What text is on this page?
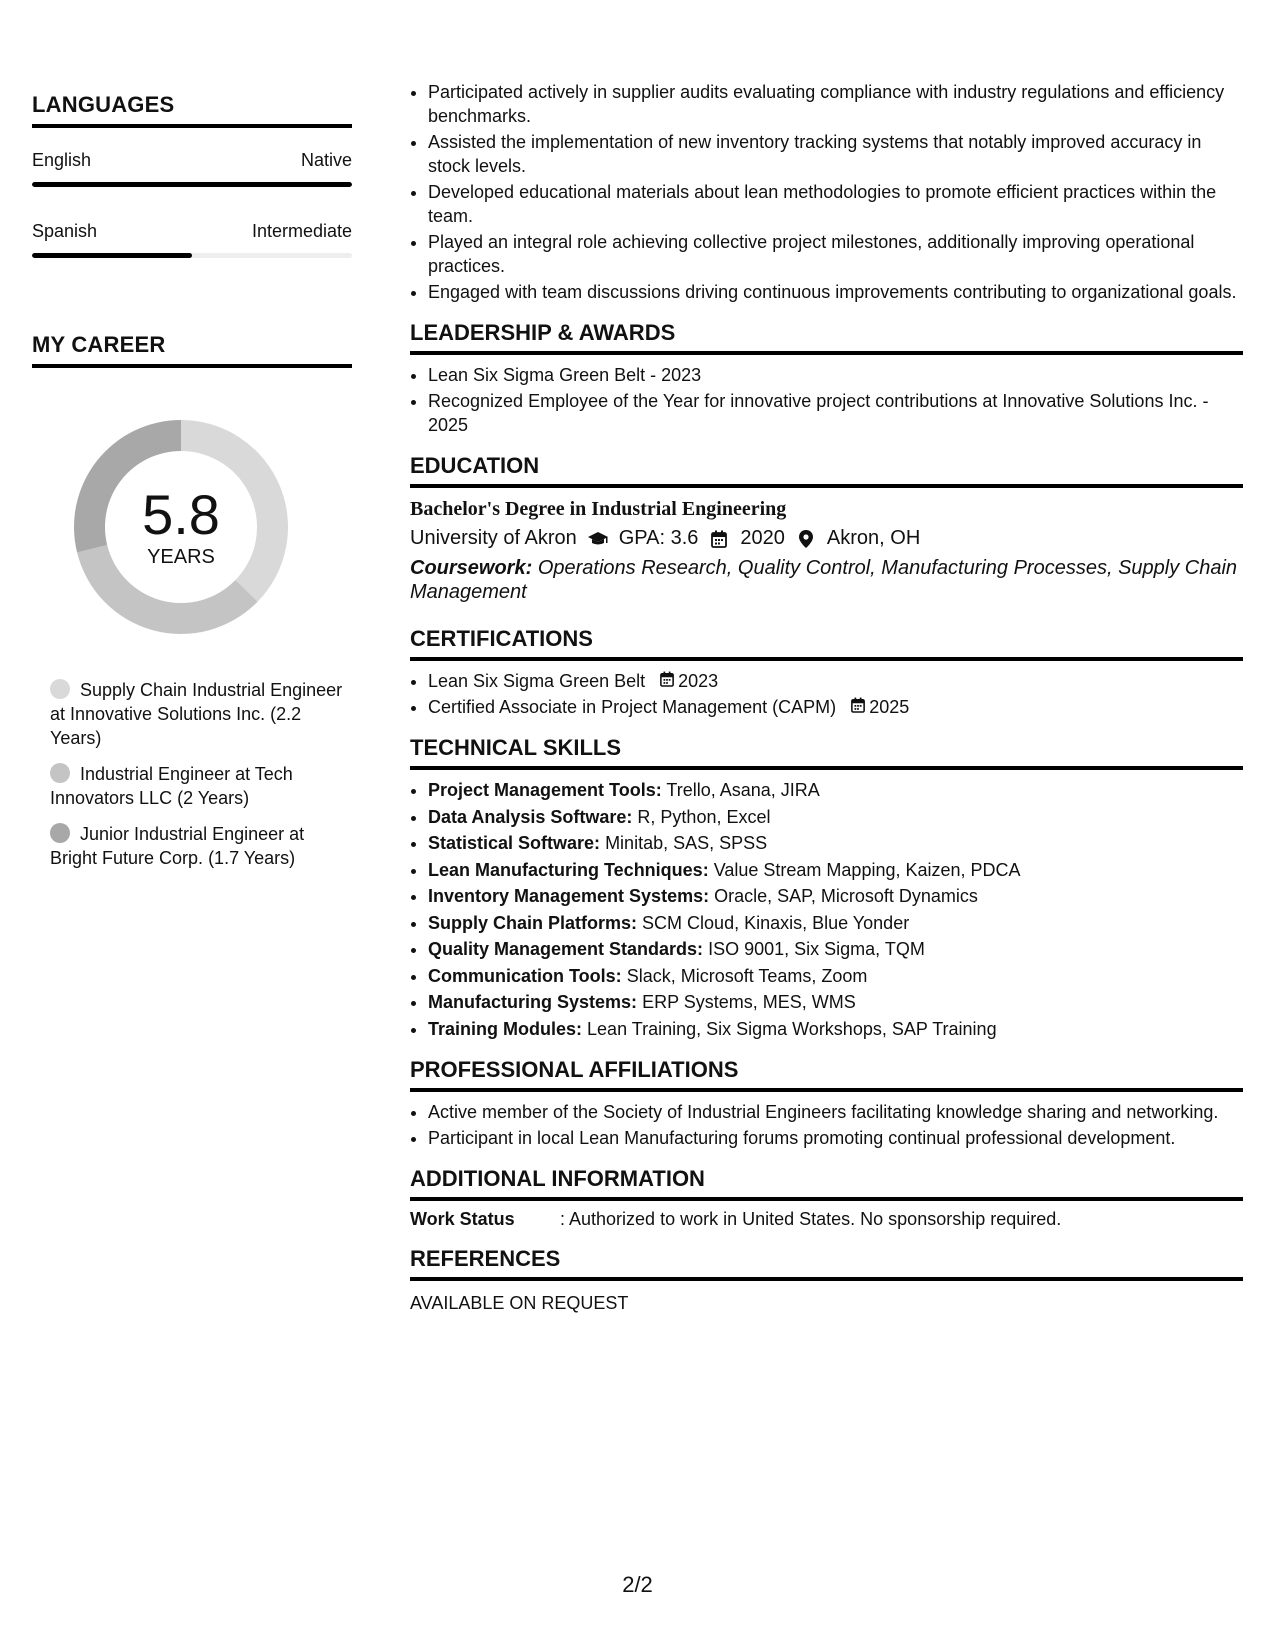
LANGUAGES
English	Native
Spanish	Intermediate
MY CAREER
5.8
YEARS
Supply Chain Industrial Engineer at Innovative Solutions Inc. (2.2 Years)
Industrial Engineer at Tech Innovators LLC (2 Years)
Junior Industrial Engineer at Bright Future Corp. (1.7 Years)
• Participated actively in supplier audits evaluating compliance with industry regulations and efficiency benchmarks.
• Assisted the implementation of new inventory tracking systems that notably improved accuracy in stock levels.
• Developed educational materials about lean methodologies to promote efficient practices within the team.
• Played an integral role achieving collective project milestones, additionally improving operational practices.
• Engaged with team discussions driving continuous improvements contributing to organizational goals.
LEADERSHIP & AWARDS
• Lean Six Sigma Green Belt - 2023
• Recognized Employee of the Year for innovative project contributions at Innovative Solutions Inc. - 2025
EDUCATION
Bachelor's Degree in Industrial Engineering
University of Akron GPA: 3.6 2020 Akron, OH
Coursework: Operations Research, Quality Control, Manufacturing Processes, Supply Chain Management
CERTIFICATIONS
• Lean Six Sigma Green Belt 2023
• Certified Associate in Project Management (CAPM) 2025
TECHNICAL SKILLS
• Project Management Tools: Trello, Asana, JIRA
• Data Analysis Software: R, Python, Excel
• Statistical Software: Minitab, SAS, SPSS
• Lean Manufacturing Techniques: Value Stream Mapping, Kaizen, PDCA
• Inventory Management Systems: Oracle, SAP, Microsoft Dynamics
• Supply Chain Platforms: SCM Cloud, Kinaxis, Blue Yonder
• Quality Management Standards: ISO 9001, Six Sigma, TQM
• Communication Tools: Slack, Microsoft Teams, Zoom
• Manufacturing Systems: ERP Systems, MES, WMS
• Training Modules: Lean Training, Six Sigma Workshops, SAP Training
PROFESSIONAL AFFILIATIONS
• Active member of the Society of Industrial Engineers facilitating knowledge sharing and networking.
• Participant in local Lean Manufacturing forums promoting continual professional development.
ADDITIONAL INFORMATION
Work Status	: Authorized to work in United States. No sponsorship required.
REFERENCES
AVAILABLE ON REQUEST
2/2
